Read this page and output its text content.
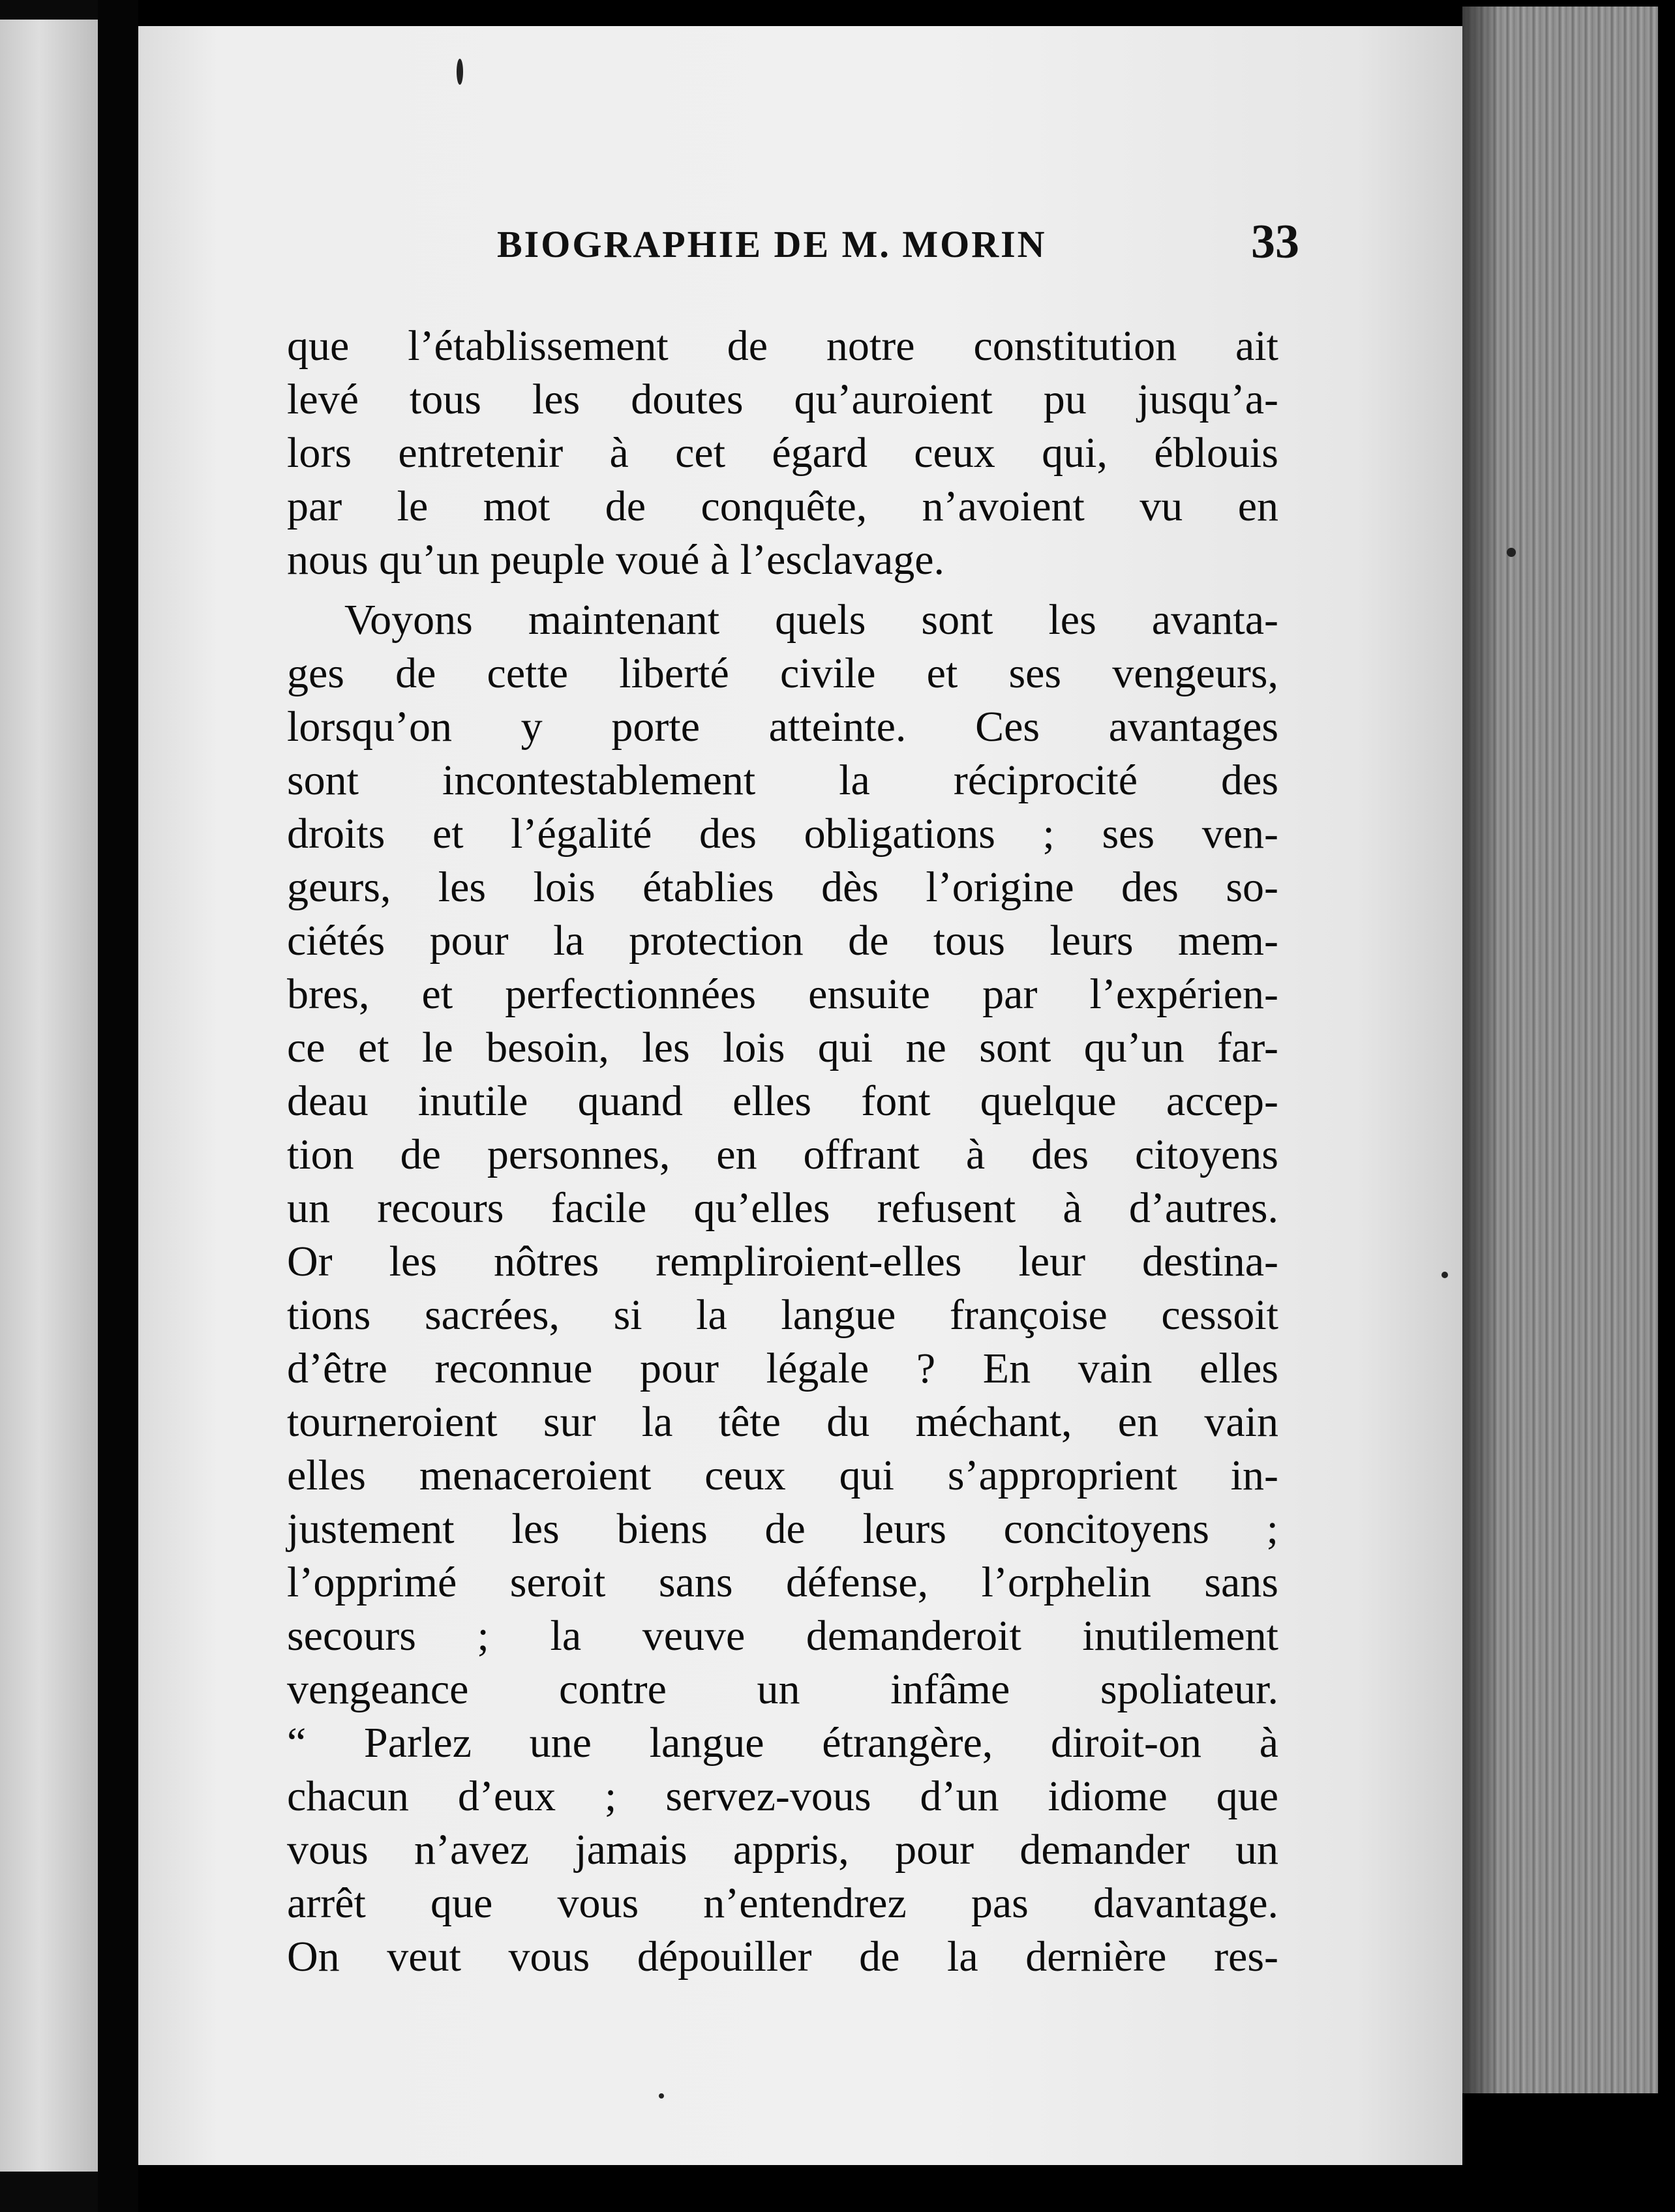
BIOGRAPHIE DE M. MORIN	33
que l’établissement de notre constitution ait
levé tous les doutes qu’auroient pu jusqu’a-
lors entretenir à cet égard ceux qui, éblouis
par le mot de conquête, n’avoient vu en
nous qu’un peuple voué à l’esclavage.
Voyons maintenant quels sont les avanta-
ges de cette liberté civile et ses vengeurs,
lorsqu’on y porte atteinte. Ces avantages
sont incontestablement la réciprocité des
droits et l’égalité des obligations ; ses ven-
geurs, les lois établies dès l’origine des so-
ciétés pour la protection de tous leurs mem-
bres, et perfectionnées ensuite par l’expérien-
ce et le besoin, les lois qui ne sont qu’un far-
deau inutile quand elles font quelque accep-
tion de personnes, en offrant à des citoyens
un recours facile qu’elles refusent à d’autres.
Or les nôtres rempliroient-elles leur destina-
tions sacrées, si la langue françoise cessoit
d’être reconnue pour légale ? En vain elles
tourneroient sur la tête du méchant, en vain
elles menaceroient ceux qui s’approprient in-
justement les biens de leurs concitoyens ;
l’opprimé seroit sans défense, l’orphelin sans
secours ; la veuve demanderoit inutilement
vengeance contre un infâme spoliateur.
“ Parlez une langue étrangère, diroit-on à
chacun d’eux ; servez-vous d’un idiome que
vous n’avez jamais appris, pour demander un
arrêt que vous n’entendrez pas davantage.
On veut vous dépouiller de la dernière res-
